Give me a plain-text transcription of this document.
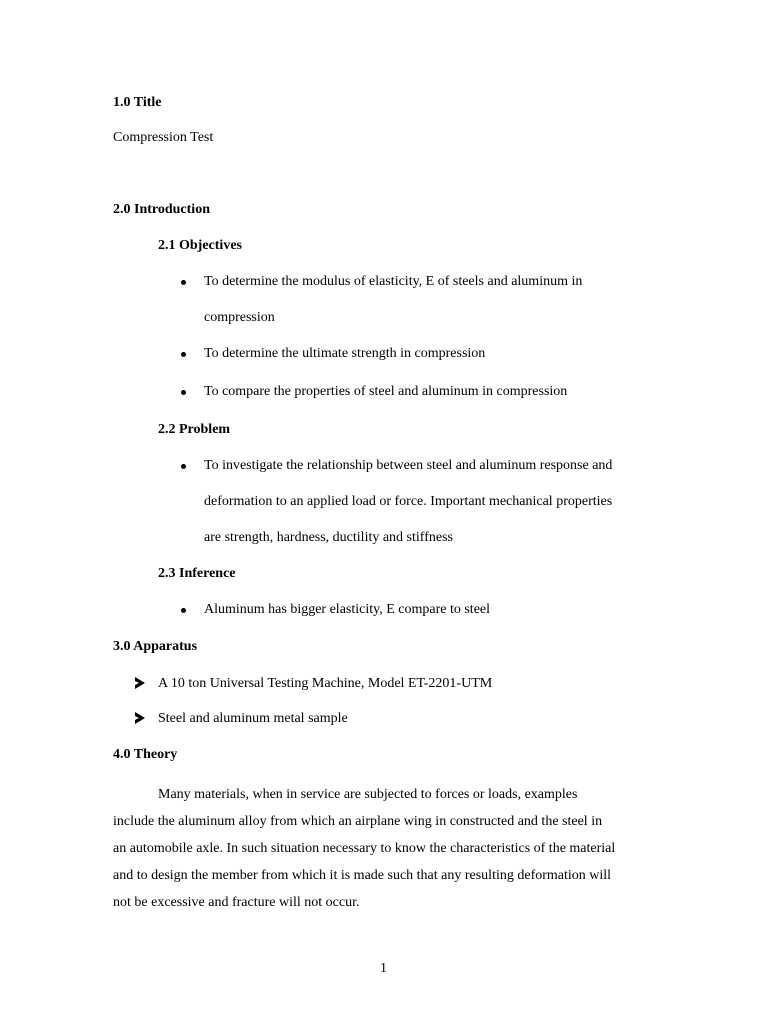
1.0 Title
Compression Test
2.0 Introduction
2.1 Objectives
To determine the modulus of elasticity, E of steels and aluminum in
compression
To determine the ultimate strength in compression
To compare the properties of steel and aluminum in compression
2.2 Problem
To investigate the relationship between steel and aluminum response and
deformation to an applied load or force. Important mechanical properties
are strength, hardness, ductility and stiffness
2.3 Inference
Aluminum has bigger elasticity, E compare to steel
3.0 Apparatus
A 10 ton Universal Testing Machine, Model ET-2201-UTM
Steel and aluminum metal sample
4.0 Theory

Many materials, when in service are subjected to forces or loads, examples

include the aluminum alloy from which an airplane wing in constructed and the steel in

an automobile axle. In such situation necessary to know the characteristics of the material

and to design the member from which it is made such that any resulting deformation will

not be excessive and fracture will not occur.

1
